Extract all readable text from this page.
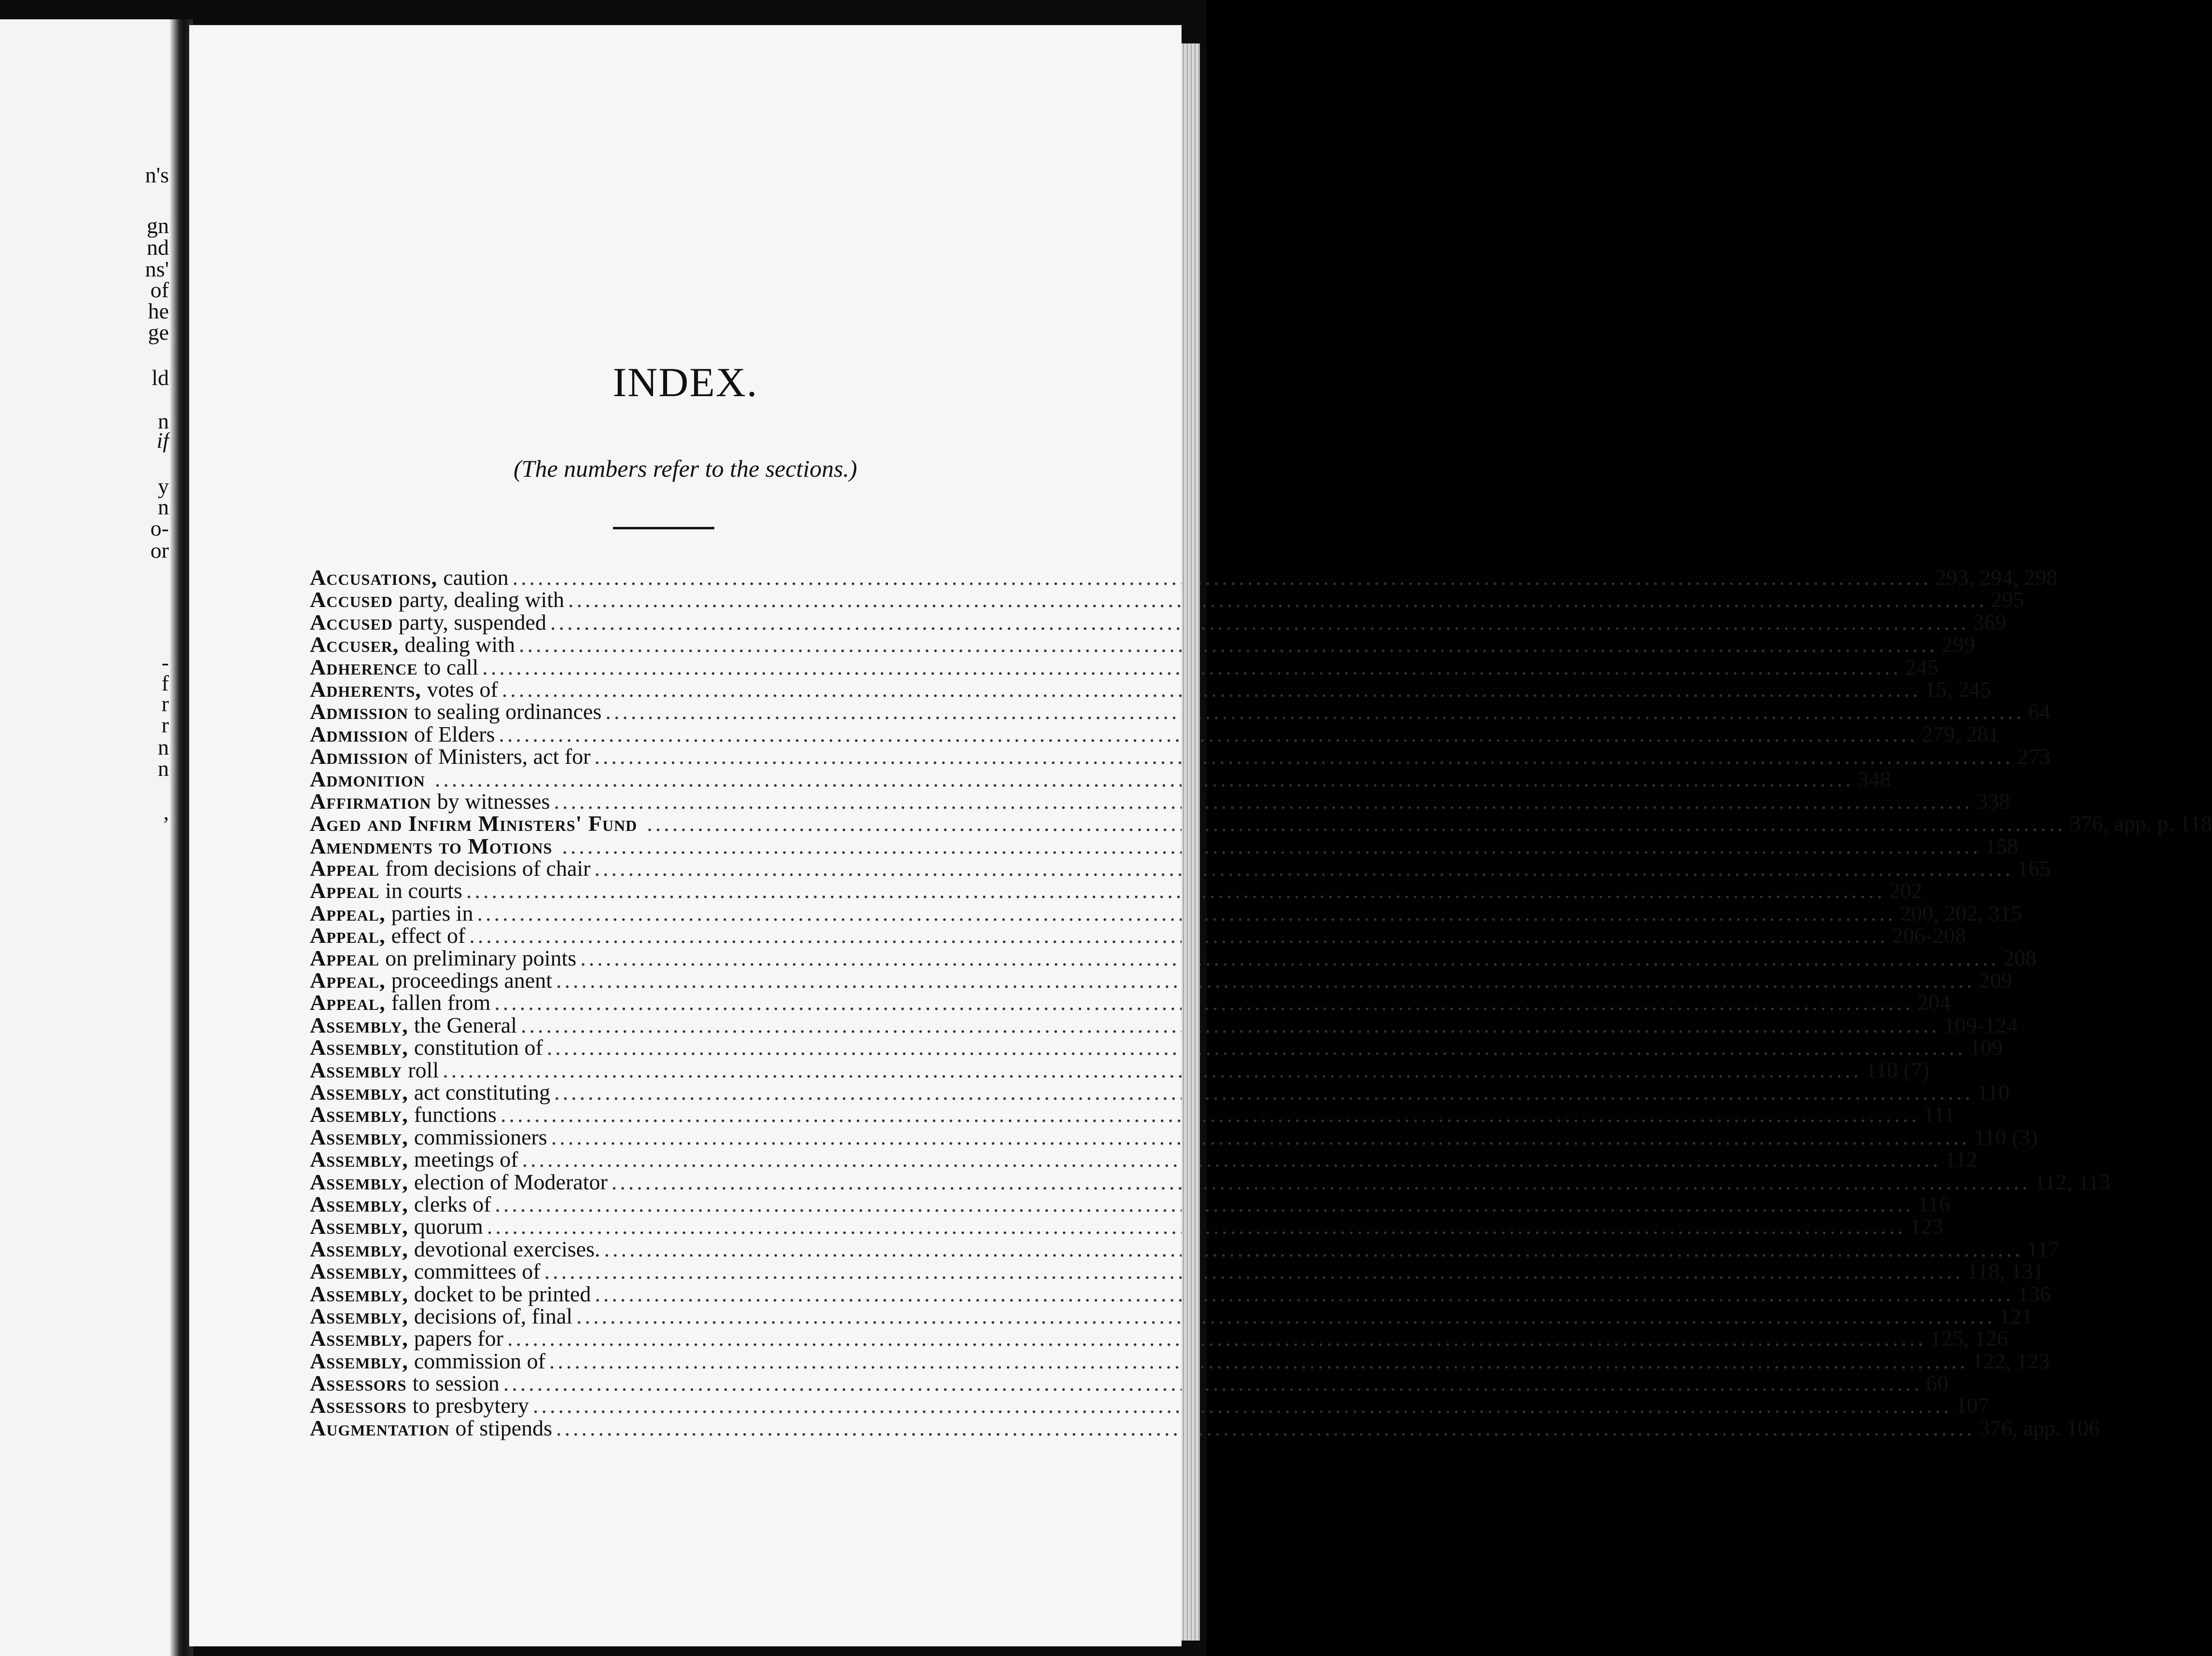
n's
gn
nd
ns'
of
he
ge
ld
n
if
y
n
o-
or
-
f
r
r
n
n
,
INDEX.
(The numbers refer to the sections.)
Accusations, caution .....	293, 294, 298
Accused party, dealing with .....	295
Accused party, suspended .....	369
Accuser, dealing with .....	299
Adherence to call .....	245
Adherents, votes of .....	15, 245
Admission to sealing ordinances .....	64
Admission of Elders .....	279, 281
Admission of Ministers, act for .....	273
Admonition .....	348
Affirmation by witnesses .....	338
Aged and Infirm Ministers' Fund .....	376, app. p. 118
Amendments to Motions .....	158
Appeal from decisions of chair .....	165
Appeal in courts .....	202
Appeal, parties in .....	200, 202, 315
Appeal, effect of .....	206-208
Appeal on preliminary points .....	208
Appeal, proceedings anent .....	209
Appeal, fallen from .....	204
Assembly, the General .....	109-124
Assembly, constitution of .....	109
Assembly roll .....	110 (7)
Assembly, act constituting .....	110
Assembly, functions .....	111
Assembly, commissioners .....	110 (3)
Assembly, meetings of .....	112
Assembly, election of Moderator .....	112, 113
Assembly, clerks of .....	116
Assembly, quorum .....	123
Assembly, devotional exercises. .....	117
Assembly, committees of .....	118, 131
Assembly, docket to be printed .....	136
Assembly, decisions of, final .....	121
Assembly, papers for .....	125, 126
Assembly, commission of .....	122, 123
Assessors to session .....	60
Assessors to presbytery .....	107
Augmentation of stipends .....	376, app. 106
